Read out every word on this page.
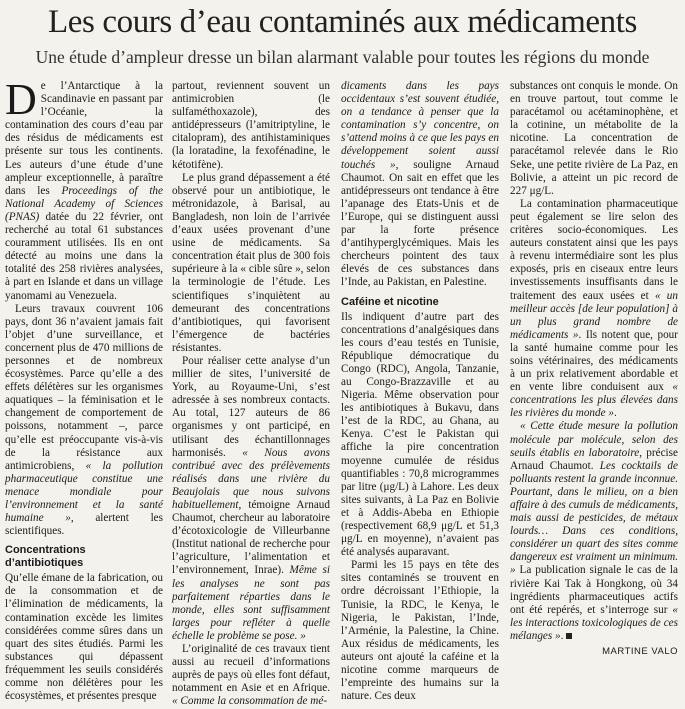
Les cours d’eau contaminés aux médicaments
Une étude d’ampleur dresse un bilan alarmant valable pour toutes les régions du monde

De l’Antarctique à la Scandinavie en passant par l’Océanie, la contamination des cours d’eau par des résidus de médicaments est présente sur tous les continents. Les auteurs d’une étude d’une ampleur exceptionnelle, à paraître dans les Proceedings of the National Academy of Sciences (PNAS) datée du 22 février, ont recherché au total 61 substances couramment utilisées. Ils en ont détecté au moins une dans la totalité des 258 rivières analysées, à part en Islande et dans un village yanomami au Venezuela.

Leurs travaux couvrent 106 pays, dont 36 n’avaient jamais fait l’objet d’une surveillance, et concernent plus de 470 millions de personnes et de nombreux écosystèmes. Parce qu’elle a des effets délétères sur les organismes aquatiques – la féminisation et le changement de comportement de poissons, notamment –, parce qu’elle est préoccupante vis-à-vis de la résistance aux antimicrobiens, « la pollution pharmaceutique constitue une menace mondiale pour l’environnement et la santé humaine », alertent les scientifiques.

Concentrations d’antibiotiques

Qu’elle émane de la fabrication, ou de la consommation et de l’élimination de médicaments, la contamination excède les limites considérées comme sûres dans un quart des sites étudiés. Parmi les substances qui dépassent fréquemment les seuils considérés comme non délétères pour les écosystèmes, et présentes presque

partout, reviennent souvent un antimicrobien (le sulfaméthoxazole), des antidépresseurs (l’amitriptyline, le citalopram), des antihistaminiques (la loratadine, la fexofénadine, le kétotifène).

Le plus grand dépassement a été observé pour un antibiotique, le métronidazole, à Barisal, au Bangladesh, non loin de l’arrivée d’eaux usées provenant d’une usine de médicaments. Sa concentration était plus de 300 fois supérieure à la « cible sûre », selon la terminologie de l’étude. Les scientifiques s’inquiètent au demeurant des concentrations d’antibiotiques, qui favorisent l’émergence de bactéries résistantes.

Pour réaliser cette analyse d’un millier de sites, l’université de York, au Royaume-Uni, s’est adressée à ses nombreux contacts. Au total, 127 auteurs de 86 organismes y ont participé, en utilisant des échantillonnages harmonisés. « Nous avons contribué avec des prélèvements réalisés dans une rivière du Beaujolais que nous suivons habituellement, témoigne Arnaud Chaumot, chercheur au laboratoire d’écotoxicologie de Villeurbanne (Institut national de recherche pour l’agriculture, l’alimentation et l’environnement, Inrae). Même si les analyses ne sont pas parfaitement réparties dans le monde, elles sont suffisamment larges pour refléter à quelle échelle le problème se pose. »

L’originalité de ces travaux tient aussi au recueil d’informations auprès de pays où elles font défaut, notamment en Asie et en Afrique. « Comme la consommation de mé-

dicaments dans les pays occidentaux s’est souvent étudiée, on a tendance à penser que la contamination s’y concentre, on s’attend moins à ce que les pays en développement soient aussi touchés », souligne Arnaud Chaumot. On sait en effet que les antidépresseurs ont tendance à être l’apanage des Etats-Unis et de l’Europe, qui se distinguent aussi par la forte présence d’antihyperglycémiques. Mais les chercheurs pointent des taux élevés de ces substances dans l’Inde, au Pakistan, en Palestine.

Caféine et nicotine

Ils indiquent d’autre part des concentrations d’analgésiques dans les cours d’eau testés en Tunisie, République démocratique du Congo (RDC), Angola, Tanzanie, au Congo-Brazzaville et au Nigeria. Même observation pour les antibiotiques à Bukavu, dans l’est de la RDC, au Ghana, au Kenya. C’est le Pakistan qui affiche la pire concentration moyenne cumulée de résidus quantifiables : 70,8 microgrammes par litre (μg/L) à Lahore. Les deux sites suivants, à La Paz en Bolivie et à Addis-Abeba en Ethiopie (respectivement 68,9 μg/L et 51,3 μg/L en moyenne), n’avaient pas été analysés auparavant.

Parmi les 15 pays en tête des sites contaminés se trouvent en ordre décroissant l’Ethiopie, la Tunisie, la RDC, le Kenya, le Nigeria, le Pakistan, l’Inde, l’Arménie, la Palestine, la Chine. Aux résidus de médicaments, les auteurs ont ajouté la caféine et la nicotine comme marqueurs de l’empreinte des humains sur la nature. Ces deux

substances ont conquis le monde. On en trouve partout, tout comme le paracétamol ou acétaminophène, et la cotinine, un métabolite de la nicotine. La concentration de paracétamol relevée dans le Rio Seke, une petite rivière de La Paz, en Bolivie, a atteint un pic record de 227 μg/L.

La contamination pharmaceutique peut également se lire selon des critères socio-économiques. Les auteurs constatent ainsi que les pays à revenu intermédiaire sont les plus exposés, pris en ciseaux entre leurs investissements insuffisants dans le traitement des eaux usées et « un meilleur accès [de leur population] à un plus grand nombre de médicaments ». Ils notent que, pour la santé humaine comme pour les soins vétérinaires, des médicaments à un prix relativement abordable et en vente libre conduisent aux « concentrations les plus élevées dans les rivières du monde ».

« Cette étude mesure la pollution molécule par molécule, selon des seuils établis en laboratoire, précise Arnaud Chaumot. Les cocktails de polluants restent la grande inconnue. Pourtant, dans le milieu, on a bien affaire à des cumuls de médicaments, mais aussi de pesticides, de métaux lourds… Dans ces conditions, considérer un quart des sites comme dangereux est vraiment un minimum. » La publication signale le cas de la rivière Kai Tak à Hongkong, où 34 ingrédients pharmaceutiques actifs ont été repérés, et s’interroge sur « les interactions toxicologiques de ces mélanges ».

MARTINE VALO
